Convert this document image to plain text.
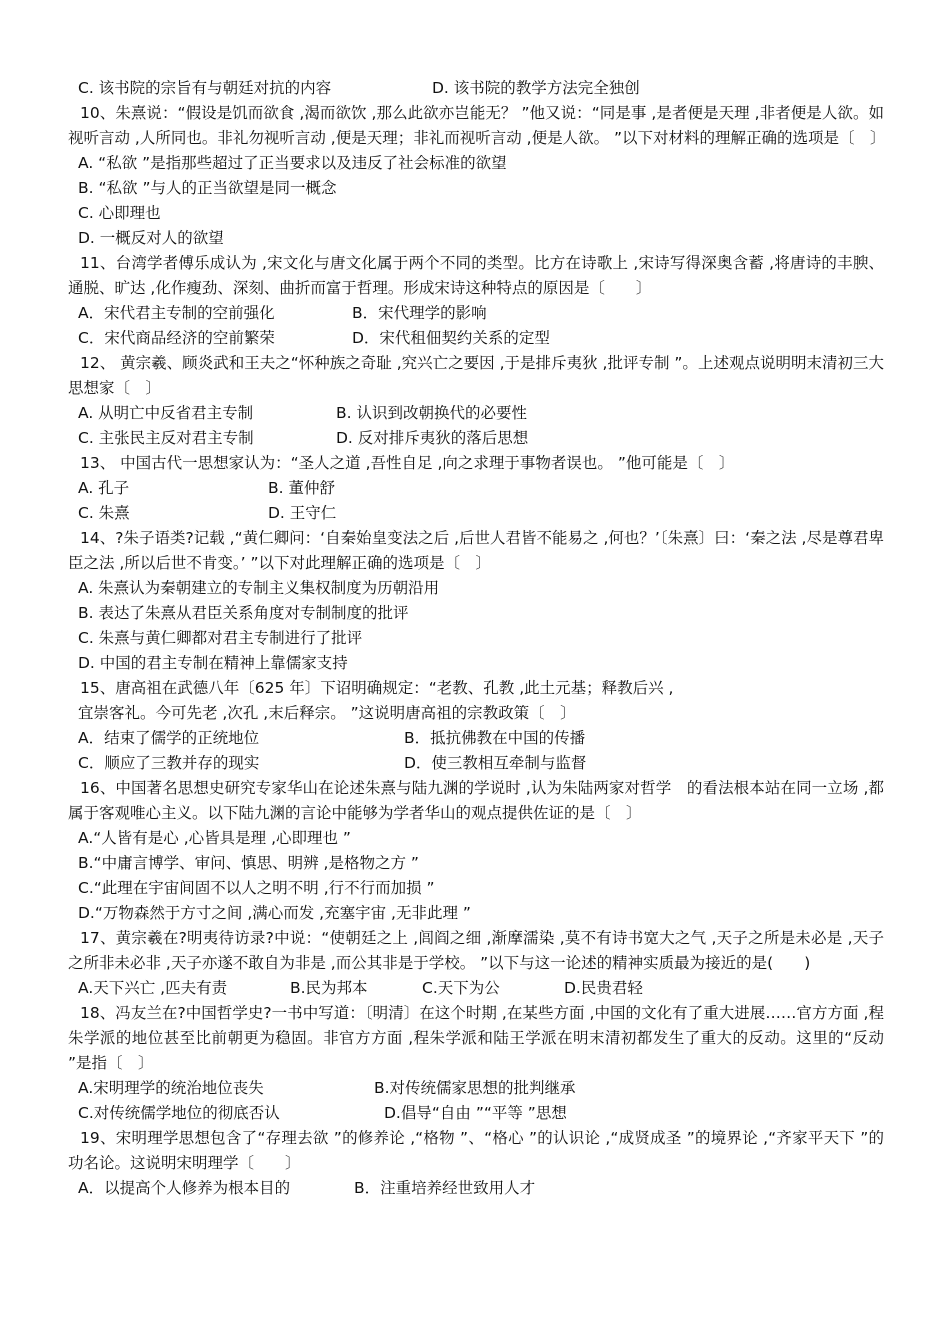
C. 该书院的宗旨有与朝廷对抗的内容	D. 该书院的教学方法完全独创
10、朱熹说：“假设是饥而欲食 ,渴而欲饮 ,那么此欲亦岂能无？ ”他又说：“同是事 ,是者便是天理 ,非者便是人欲。如视听言动 ,人所同也。非礼勿视听言动 ,便是天理；非礼而视听言动 ,便是人欲。 ”以下对材料的理解正确的选项是〔　〕
A. “私欲 ”是指那些超过了正当要求以及违反了社会标准的欲望
B. “私欲 ”与人的正当欲望是同一概念
C. 心即理也
D. 一概反对人的欲望
11、台湾学者傅乐成认为 ,宋文化与唐文化属于两个不同的类型。比方在诗歌上 ,宋诗写得深奥含蓄 ,将唐诗的丰腴、通脱、旷达 ,化作瘦劲、深刻、曲折而富于哲理。形成宋诗这种特点的原因是〔　　〕
A．宋代君主专制的空前强化	B．宋代理学的影响
C．宋代商品经济的空前繁荣	D．宋代租佃契约关系的定型
12、 黄宗羲、顾炎武和王夫之“怀种族之奇耻 ,究兴亡之要因 ,于是排斥夷狄 ,批评专制 ”。上述观点说明明末清初三大思想家〔　〕
A. 从明亡中反省君主专制	B. 认识到改朝换代的必要性
C. 主张民主反对君主专制	D. 反对排斥夷狄的落后思想
13、 中国古代一思想家认为：“圣人之道 ,吾性自足 ,向之求理于事物者误也。 ”他可能是〔　〕
A. 孔子	B. 董仲舒
C. 朱熹	D. 王守仁
14、?朱子语类?记载 ,“黄仁卿问：‘自秦始皇变法之后 ,后世人君皆不能易之 ,何也？’〔朱熹〕曰：‘秦之法 ,尽是尊君卑臣之法 ,所以后世不肯变。’ ”以下对此理解正确的选项是〔　〕
A. 朱熹认为秦朝建立的专制主义集权制度为历朝沿用
B. 表达了朱熹从君臣关系角度对专制制度的批评
C. 朱熹与黄仁卿都对君主专制进行了批评
D. 中国的君主专制在精神上靠儒家支持
15、唐高祖在武德八年〔625 年〕下诏明确规定：“老教、孔教 ,此土元基；释教后兴 ,
宜崇客礼。今可先老 ,次孔 ,末后释宗。 ”这说明唐高祖的宗教政策〔　〕
A．结束了儒学的正统地位	B．抵抗佛教在中国的传播
C．顺应了三教并存的现实	D．使三教相互牵制与监督
16、中国著名思想史研究专家华山在论述朱熹与陆九渊的学说时 ,认为朱陆两家对哲学　的看法根本站在同一立场 ,都属于客观唯心主义。以下陆九渊的言论中能够为学者华山的观点提供佐证的是〔　〕
A.“人皆有是心 ,心皆具是理 ,心即理也 ”
B.“中庸言博学、审问、慎思、明辨 ,是格物之方 ”
C.“此理在宇宙间固不以人之明不明 ,行不行而加损 ”
D.“万物森然于方寸之间 ,满心而发 ,充塞宇宙 ,无非此理 ”
17、黄宗羲在?明夷待访录?中说：“使朝廷之上 ,闾阎之细 ,渐摩濡染 ,莫不有诗书宽大之气 ,天子之所是未必是 ,天子之所非未必非 ,天子亦遂不敢自为非是 ,而公其非是于学校。 ”以下与这一论述的精神实质最为接近的是(　　)
A.天下兴亡 ,匹夫有责	B.民为邦本	C.天下为公	D.民贵君轻
18、冯友兰在?中国哲学史?一书中写道：〔明清〕在这个时期 ,在某些方面 ,中国的文化有了重大进展……官方方面 ,程朱学派的地位甚至比前朝更为稳固。非官方方面 ,程朱学派和陆王学派在明末清初都发生了重大的反动。这里的“反动 ”是指〔　〕
A.宋明理学的统治地位丧失	B.对传统儒家思想的批判继承
C.对传统儒学地位的彻底否认	D.倡导“自由 ”“平等 ”思想
19、宋明理学思想包含了“存理去欲 ”的修养论 ,“格物 ”、“格心 ”的认识论 ,“成贤成圣 ”的境界论 ,“齐家平天下 ”的功名论。这说明宋明理学〔　　〕
A．以提高个人修养为根本目的	B．注重培养经世致用人才
